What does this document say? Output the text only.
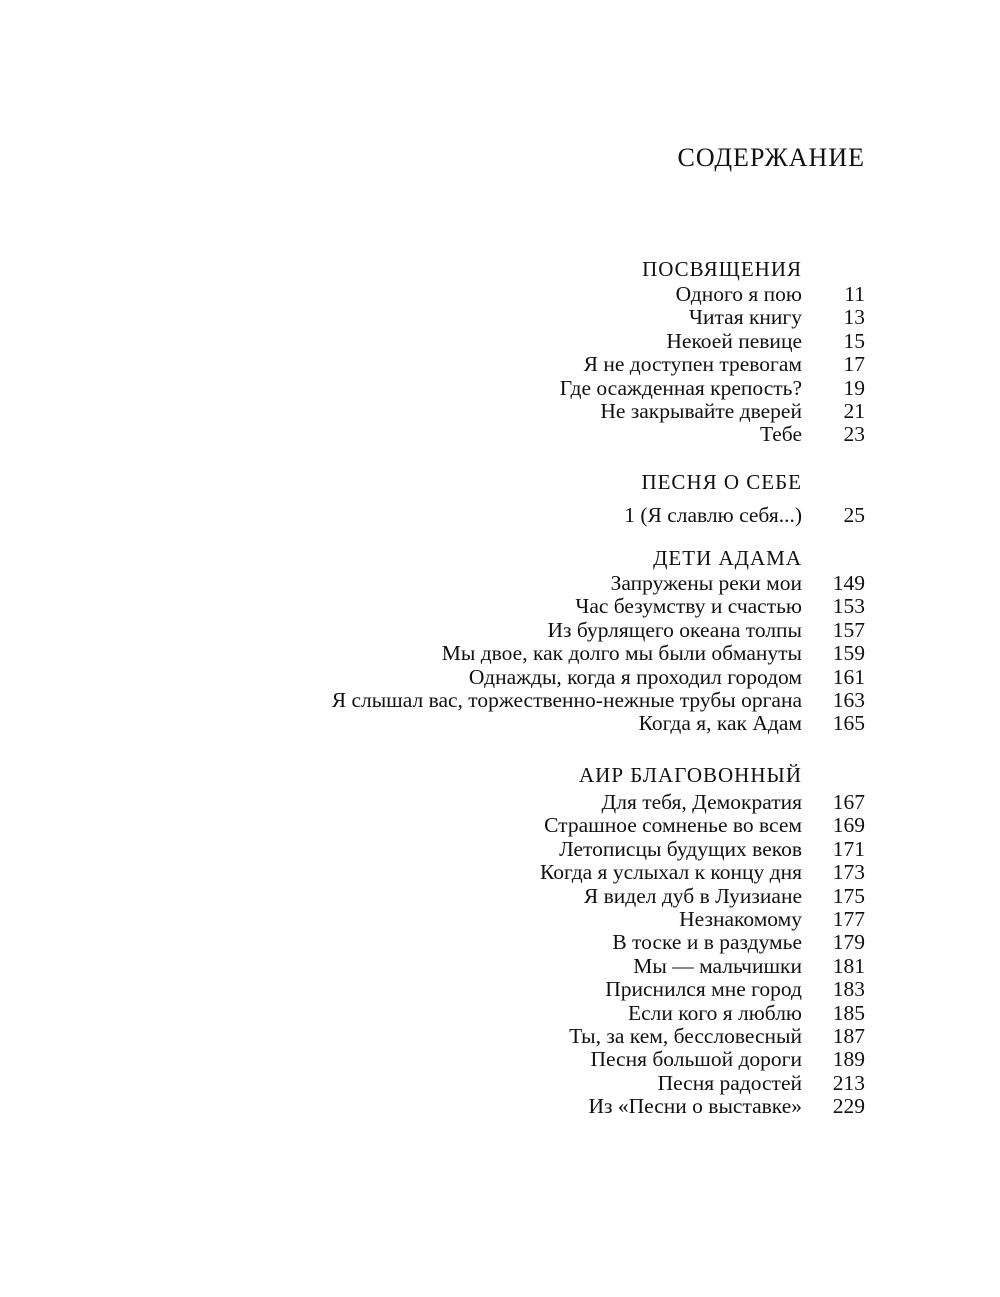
СОДЕРЖАНИЕ
ПОСВЯЩЕНИЯ
Одного я пою	11
Читая книгу	13
Некоей певице	15
Я не доступен тревогам	17
Где осажденная крепость?	19
Не закрывайте дверей	21
Тебе	23
ПЕСНЯ О СЕБЕ
1 (Я славлю себя...)	25
ДЕТИ АДАМА
Запружены реки мои	149
Час безумству и счастью	153
Из бурлящего океана толпы	157
Мы двое, как долго мы были обмануты	159
Однажды, когда я проходил городом	161
Я слышал вас, торжественно-нежные трубы органа	163
Когда я, как Адам	165
АИР БЛАГОВОННЫЙ
Для тебя, Демократия	167
Страшное сомненье во всем	169
Летописцы будущих веков	171
Когда я услыхал к концу дня	173
Я видел дуб в Луизиане	175
Незнакомому	177
В тоске и в раздумье	179
Мы — мальчишки	181
Приснился мне город	183
Если кого я люблю	185
Ты, за кем, бессловесный	187
Песня большой дороги	189
Песня радостей	213
Из «Песни о выставке»	229
